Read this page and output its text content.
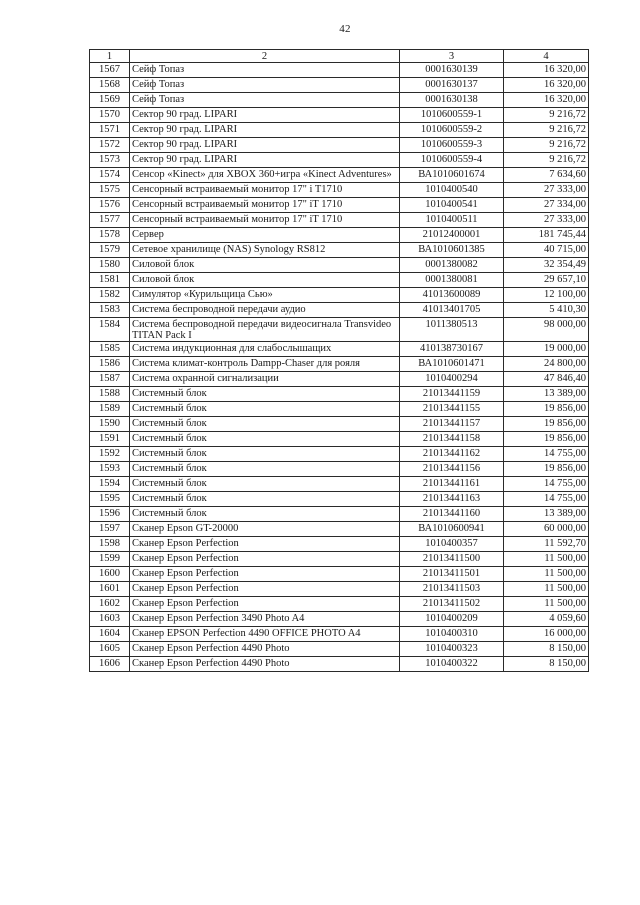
42
1	2	3	4
1567	Сейф Топаз	0001630139	16 320,00
1568	Сейф Топаз	0001630137	16 320,00
1569	Сейф Топаз	0001630138	16 320,00
1570	Сектор 90 град. LIPARI	1010600559-1	9 216,72
1571	Сектор 90 град. LIPARI	1010600559-2	9 216,72
1572	Сектор 90 град. LIPARI	1010600559-3	9 216,72
1573	Сектор 90 град. LIPARI	1010600559-4	9 216,72
1574	Сенсор «Kinect» для XBOX 360+игра «Kinect Adventures»	ВА1010601674	7 634,60
1575	Сенсорный встраиваемый монитор 17" i T1710	1010400540	27 333,00
1576	Сенсорный встраиваемый монитор 17" iT 1710	1010400541	27 334,00
1577	Сенсорный встраиваемый монитор 17" iT 1710	1010400511	27 333,00
1578	Сервер	21012400001	181 745,44
1579	Сетевое хранилище (NAS) Synology RS812	ВА1010601385	40 715,00
1580	Силовой блок	0001380082	32 354,49
1581	Силовой блок	0001380081	29 657,10
1582	Симулятор «Курильщица Сью»	41013600089	12 100,00
1583	Система беспроводной передачи аудио	41013401705	5 410,30
1584	Система беспроводной передачи видеосигнала Transvideo TITAN Pack I	1011380513	98 000,00
1585	Система индукционная для слабослышащих	410138730167	19 000,00
1586	Система климат-контроль Dampp-Chaser для рояля	ВА1010601471	24 800,00
1587	Система охранной сигнализации	1010400294	47 846,40
1588	Системный блок	21013441159	13 389,00
1589	Системный блок	21013441155	19 856,00
1590	Системный блок	21013441157	19 856,00
1591	Системный блок	21013441158	19 856,00
1592	Системный блок	21013441162	14 755,00
1593	Системный блок	21013441156	19 856,00
1594	Системный блок	21013441161	14 755,00
1595	Системный блок	21013441163	14 755,00
1596	Системный блок	21013441160	13 389,00
1597	Сканер Epson GT-20000	ВА1010600941	60 000,00
1598	Сканер Epson Perfection	1010400357	11 592,70
1599	Сканер Epson Perfection	21013411500	11 500,00
1600	Сканер Epson Perfection	21013411501	11 500,00
1601	Сканер Epson Perfection	21013411503	11 500,00
1602	Сканер Epson Perfection	21013411502	11 500,00
1603	Сканер Epson Perfection 3490 Photo A4	1010400209	4 059,60
1604	Сканер EPSON Perfection 4490 OFFICE PHOTO A4	1010400310	16 000,00
1605	Сканер Epson Perfection 4490 Photo	1010400323	8 150,00
1606	Сканер Epson Perfection 4490 Photo	1010400322	8 150,00
